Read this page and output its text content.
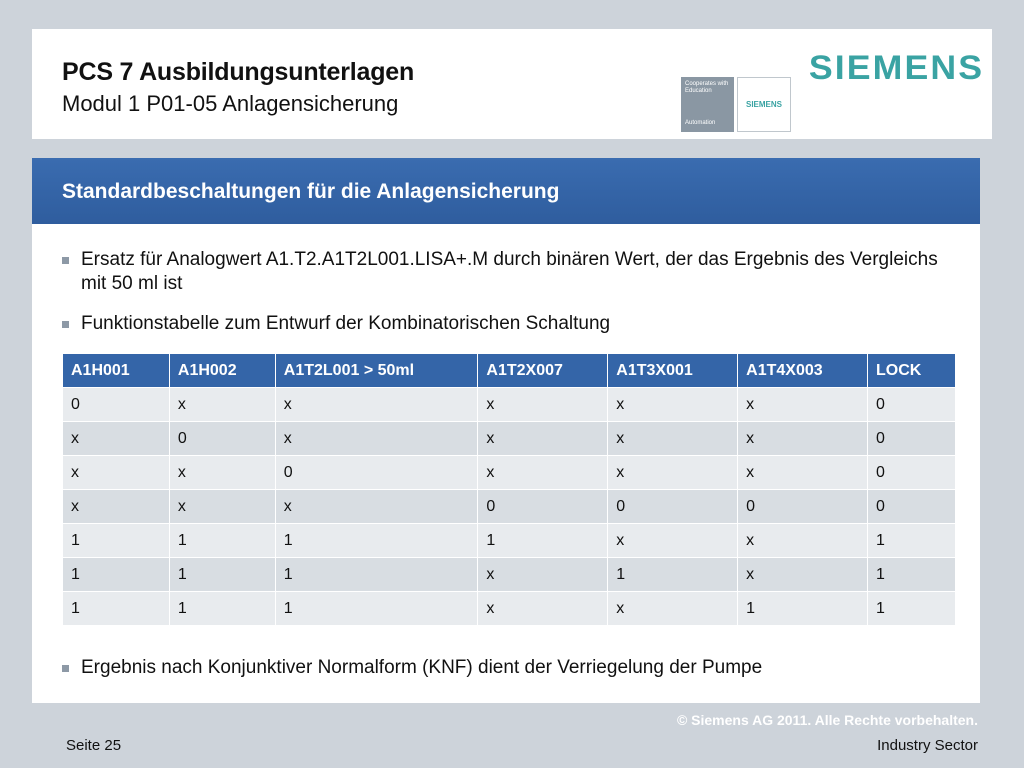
PCS 7 Ausbildungsunterlagen
Modul 1 P01-05 Anlagensicherung
Cooperates with Education
Automation
SIEMENS
SIEMENS
Standardbeschaltungen für die Anlagensicherung
Ersatz für Analogwert A1.T2.A1T2L001.LISA+.M durch binären Wert, der das Ergebnis des Vergleichs mit 50 ml ist
Funktionstabelle zum Entwurf der Kombinatorischen Schaltung
A1H001	A1H002	A1T2L001 > 50ml	A1T2X007	A1T3X001	A1T4X003	LOCK
0	x	x	x	x	x	0
x	0	x	x	x	x	0
x	x	0	x	x	x	0
x	x	x	0	0	0	0
1	1	1	1	x	x	1
1	1	1	x	1	x	1
1	1	1	x	x	1	1
Ergebnis nach Konjunktiver Normalform (KNF) dient der Verriegelung der Pumpe
© Siemens AG 2011. Alle Rechte vorbehalten.
Seite 25	Industry Sector
